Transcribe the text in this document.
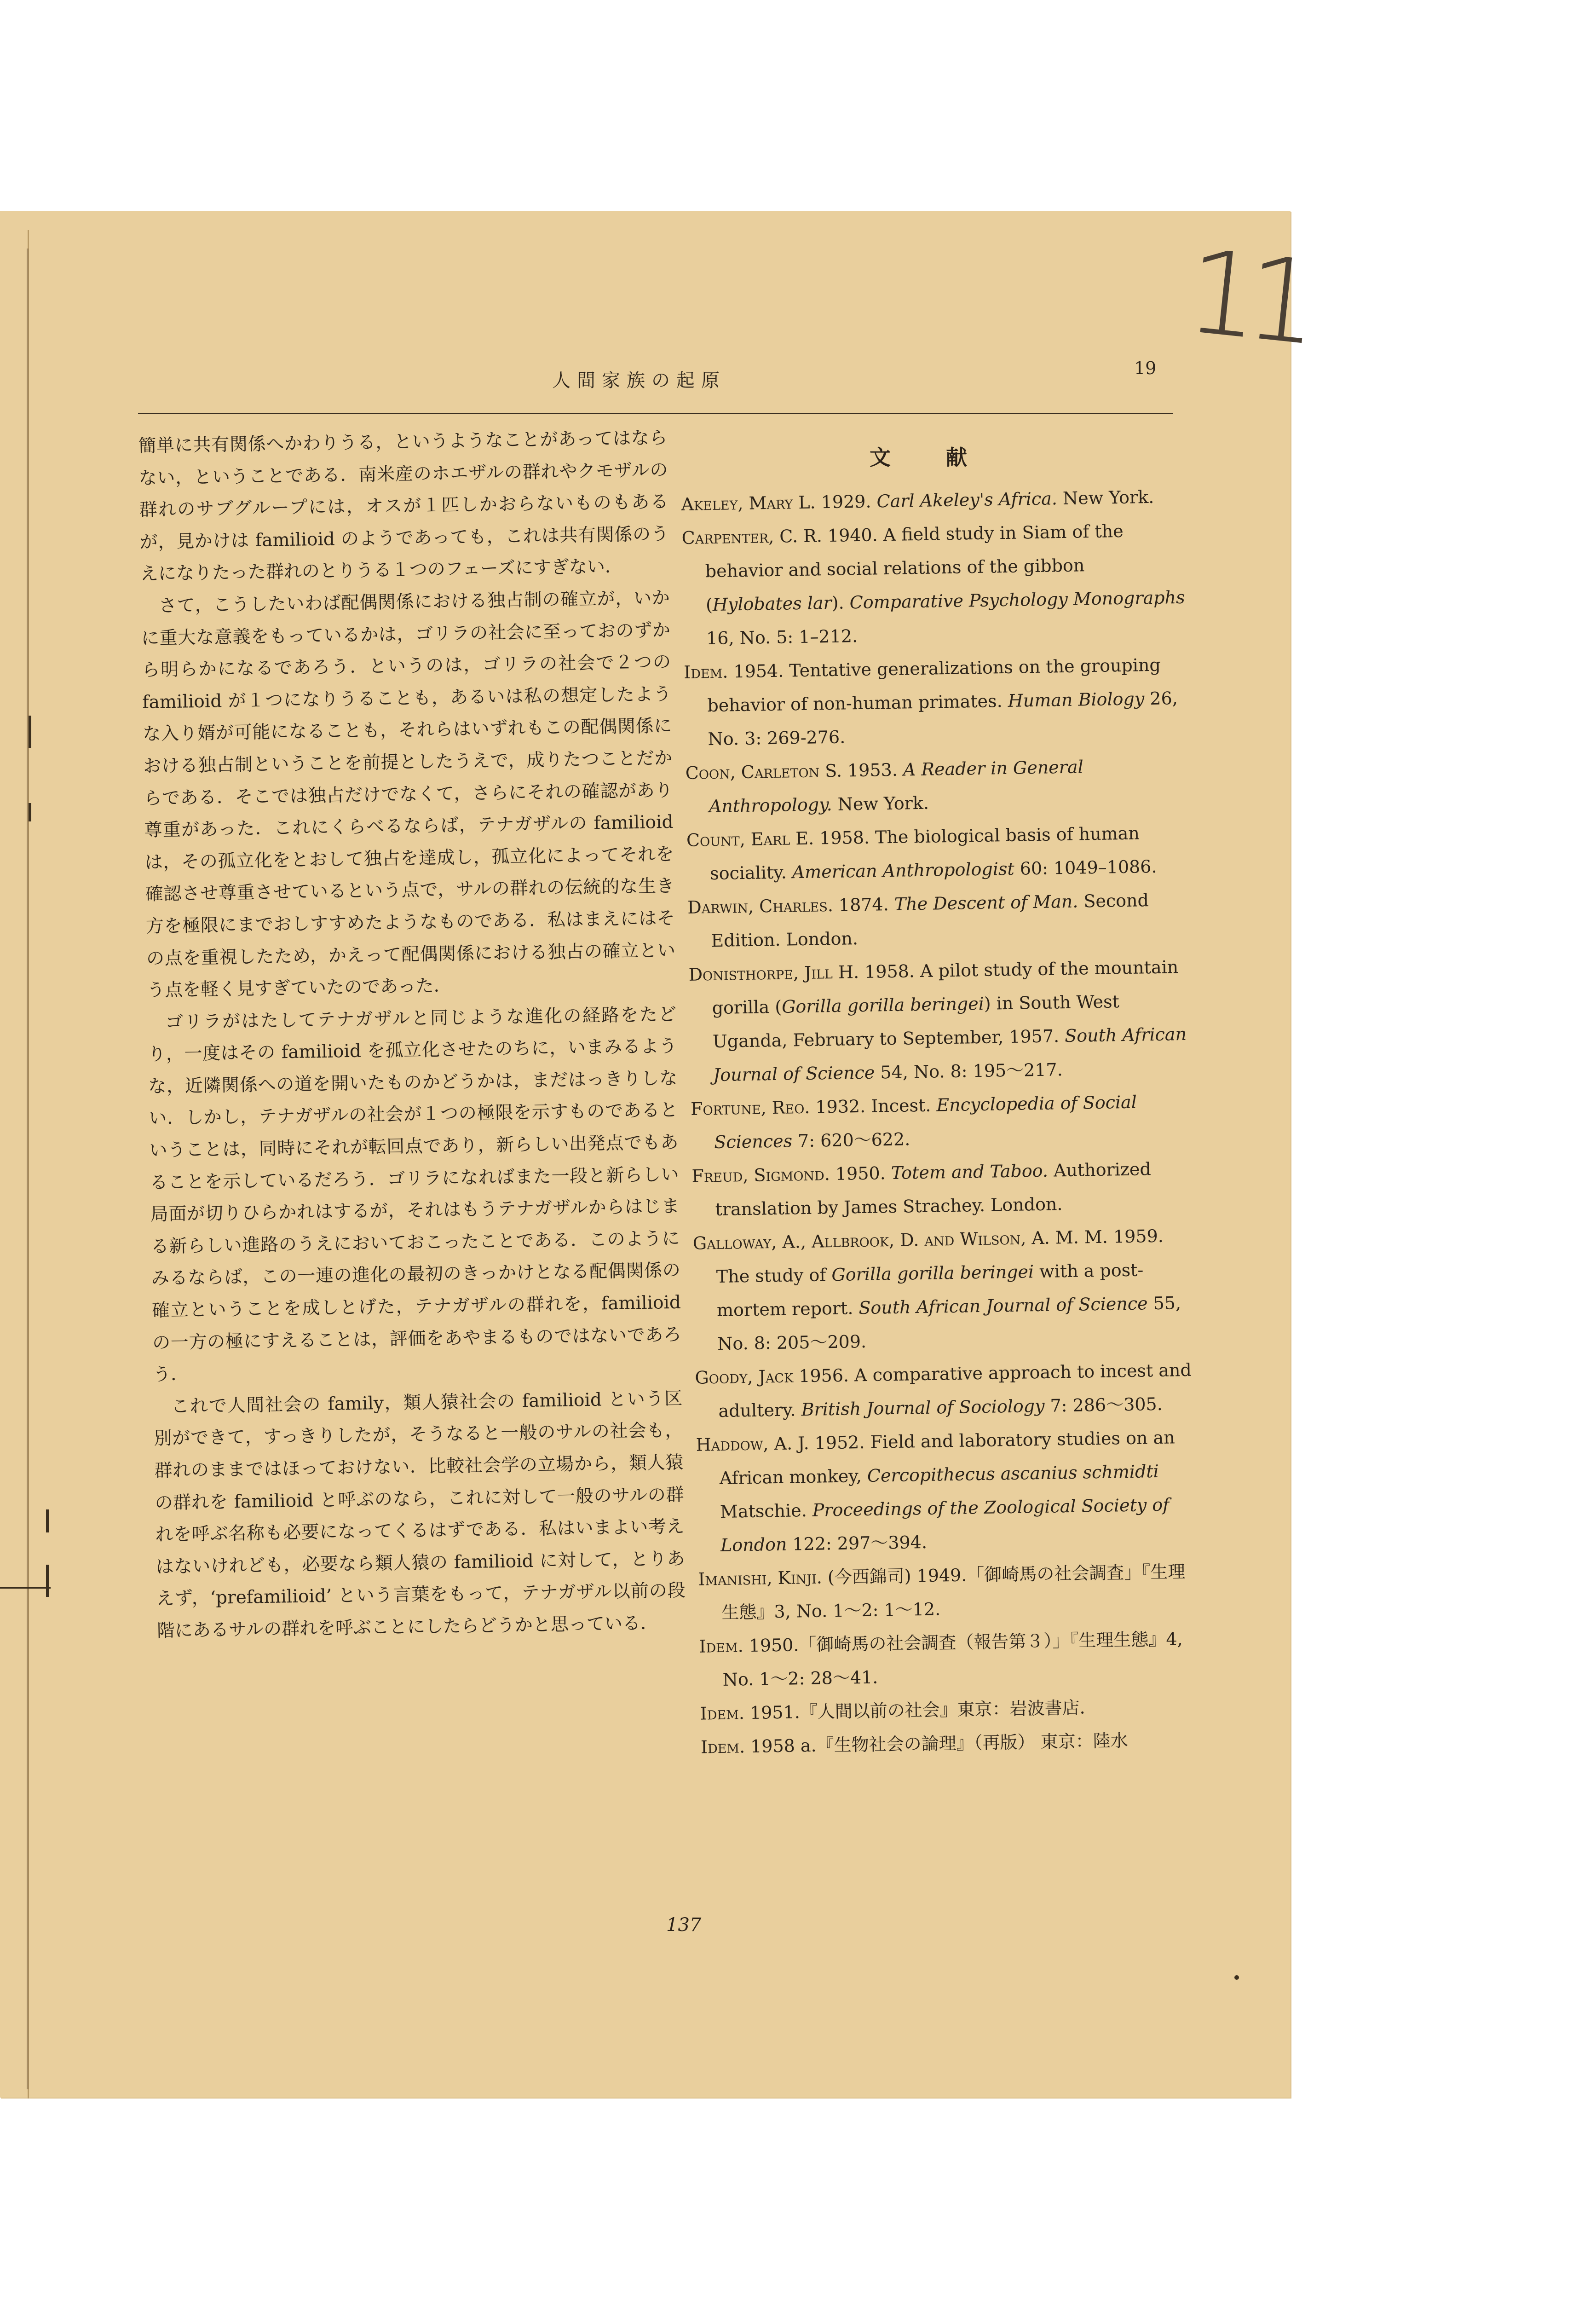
11
人間家族の起原
19

簡単に共有関係へかわりうる，というようなことがあってはならない，ということである．南米産のホエザルの群れやクモザルの群れのサブグループには，オスが１匹しかおらないものもあるが，見かけは familioid のようであっても，これは共有関係のうえになりたった群れのとりうる１つのフェーズにすぎない．

さて，こうしたいわば配偶関係における独占制の確立が，いかに重大な意義をもっているかは，ゴリラの社会に至っておのずから明らかになるであろう．というのは，ゴリラの社会で２つの familioid が１つになりうることも，あるいは私の想定したような入り婿が可能になることも，それらはいずれもこの配偶関係における独占制ということを前提としたうえで，成りたつことだからである．そこでは独占だけでなくて，さらにそれの確認があり尊重があった．これにくらべるならば，テナガザルの familioid は，その孤立化をとおして独占を達成し，孤立化によってそれを確認させ尊重させているという点で，サルの群れの伝統的な生き方を極限にまでおしすすめたようなものである．私はまえにはその点を重視したため，かえって配偶関係における独占の確立という点を軽く見すぎていたのであった．

ゴリラがはたしてテナガザルと同じような進化の経路をたどり，一度はその familioid を孤立化させたのちに，いまみるような，近隣関係への道を開いたものかどうかは，まだはっきりしない．しかし，テナガザルの社会が１つの極限を示すものであるということは，同時にそれが転回点であり，新らしい出発点でもあることを示しているだろう．ゴリラになればまた一段と新らしい局面が切りひらかれはするが，それはもうテナガザルからはじまる新らしい進路のうえにおいておこったことである．このようにみるならば，この一連の進化の最初のきっかけとなる配偶関係の確立ということを成しとげた，テナガザルの群れを，familioid の一方の極にすえることは，評価をあやまるものではないであろう．

これで人間社会の family，類人猿社会の familioid という区別ができて，すっきりしたが，そうなると一般のサルの社会も，群れのままではほっておけない．比較社会学の立場から，類人猿の群れを familioid と呼ぶのなら，これに対して一般のサルの群れを呼ぶ名称も必要になってくるはずである．私はいまよい考えはないけれども，必要なら類人猿の familioid に対して，とりあえず，‘prefamilioid’ という言葉をもって，テナガザル以前の段階にあるサルの群れを呼ぶことにしたらどうかと思っている．

文献

Akeley, Mary L. 1929. Carl Akeley's Africa. New York.

Carpenter, C. R. 1940. A field study in Siam of the behavior and social relations of the gibbon (Hylobates lar). Comparative Psychology Monographs 16, No. 5: 1–212.

Idem. 1954. Tentative generalizations on the grouping behavior of non-human primates. Human Biology 26, No. 3: 269-276.

Coon, Carleton S. 1953. A Reader in General Anthropology. New York.

Count, Earl E. 1958. The biological basis of human sociality. American Anthropologist 60: 1049–1086.

Darwin, Charles. 1874. The Descent of Man. Second Edition. London.

Donisthorpe, Jill H. 1958. A pilot study of the mountain gorilla (Gorilla gorilla beringei) in South West Uganda, February to September, 1957. South African Journal of Science 54, No. 8: 195〜217.

Fortune, Reo. 1932. Incest. Encyclopedia of Social Sciences 7: 620〜622.

Freud, Sigmond. 1950. Totem and Taboo. Authorized translation by James Strachey. London.

Galloway, A., Allbrook, D. and Wilson, A. M. M. 1959. The study of Gorilla gorilla beringei with a post-mortem report. South African Journal of Science 55, No. 8: 205〜209.

Goody, Jack 1956. A comparative approach to incest and adultery. British Journal of Sociology 7: 286〜305.

Haddow, A. J. 1952. Field and laboratory studies on an African monkey, Cercopithecus ascanius schmidti Matschie. Proceedings of the Zoological Society of London 122: 297〜394.

Imanishi, Kinji. (今西錦司) 1949.「御崎馬の社会調査」『生理生態』3, No. 1〜2: 1〜12.

Idem. 1950.「御崎馬の社会調査（報告第３）」『生理生態』4, No. 1〜2: 28〜41.

Idem. 1951.『人間以前の社会』東京：岩波書店．

Idem. 1958 a.『生物社会の論理』（再版） 東京：陸水

137
